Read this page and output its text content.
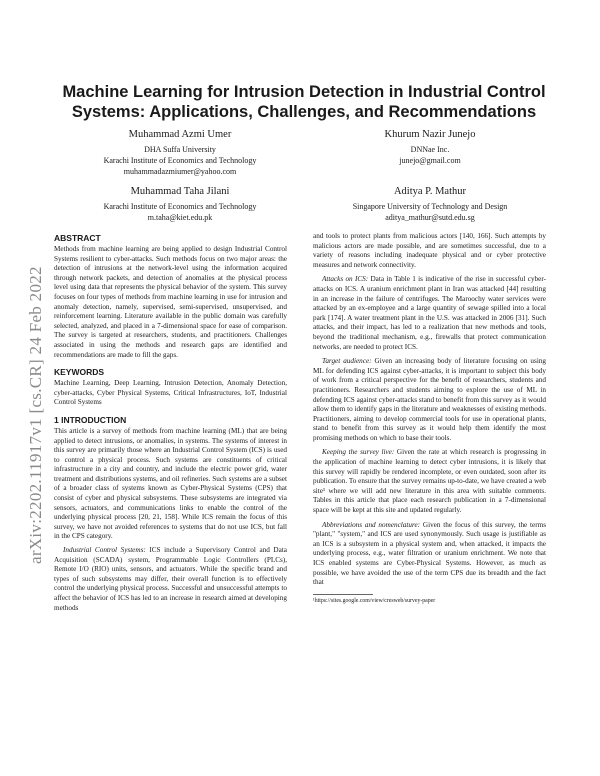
arXiv:2202.11917v1 [cs.CR] 24 Feb 2022
Machine Learning for Intrusion Detection in Industrial Control
Systems: Applications, Challenges, and Recommendations
Muhammad Azmi Umer
DHA Suffa University
Karachi Institute of Economics and Technology
muhammadazmiumer@yahoo.com
Khurum Nazir Junejo
DNNae Inc.
junejo@gmail.com
Muhammad Taha Jilani
Karachi Institute of Economics and Technology
m.taha@kiet.edu.pk
Aditya P. Mathur
Singapore University of Technology and Design
aditya_mathur@sutd.edu.sg
ABSTRACT

Methods from machine learning are being applied to design Industrial Control Systems resilient to cyber-attacks. Such methods focus on two major areas: the detection of intrusions at the network-level using the information acquired through network packets, and detection of anomalies at the physical process level using data that represents the physical behavior of the system. This survey focuses on four types of methods from machine learning in use for intrusion and anomaly detection, namely, supervised, semi-supervised, unsupervised, and reinforcement learning. Literature available in the public domain was carefully selected, analyzed, and placed in a 7-dimensional space for ease of comparison. The survey is targeted at researchers, students, and practitioners. Challenges associated in using the methods and research gaps are identified and recommendations are made to fill the gaps.

KEYWORDS

Machine Learning, Deep Learning, Intrusion Detection, Anomaly Detection, cyber-attacks, Cyber Physical Systems, Critical Infrastructures, IoT, Industrial Control Systems

1 INTRODUCTION

This article is a survey of methods from machine learning (ML) that are being applied to detect intrusions, or anomalies, in systems. The systems of interest in this survey are primarily those where an Industrial Control System (ICS) is used to control a physical process. Such systems are constituents of critical infrastructure in a city and country, and include the electric power grid, water treatment and distributions systems, and oil refineries. Such systems are a subset of a broader class of systems known as Cyber-Physical Systems (CPS) that consist of cyber and physical subsystems. These subsystems are integrated via sensors, actuators, and communications links to enable the control of the underlying physical process [20, 21, 158]. While ICS remain the focus of this survey, we have not avoided references to systems that do not use ICS, but fall in the CPS category.

Industrial Control Systems: ICS include a Supervisory Control and Data Acquisition (SCADA) system, Programmable Logic Controllers (PLCs), Remote I/O (RIO) units, sensors, and actuators. While the specific brand and types of such subsystems may differ, their overall function is to effectively control the underlying physical process. Successful and unsuccessful attempts to affect the behavior of ICS has led to an increase in research aimed at developing methods

and tools to protect plants from malicious actors [140, 166]. Such attempts by malicious actors are made possible, and are sometimes successful, due to a variety of reasons including inadequate physical and or cyber protective measures and network connectivity.

Attacks on ICS: Data in Table 1 is indicative of the rise in successful cyber-attacks on ICS. A uranium enrichment plant in Iran was attacked [44] resulting in an increase in the failure of centrifuges. The Maroochy water services were attacked by an ex-employee and a large quantity of sewage spilled into a local park [174]. A water treatment plant in the U.S. was attacked in 2006 [31]. Such attacks, and their impact, has led to a realization that new methods and tools, beyond the traditional mechanism, e.g., firewalls that protect communication networks, are needed to protect ICS.

Target audience: Given an increasing body of literature focusing on using ML for defending ICS against cyber-attacks, it is important to subject this body of work from a critical perspective for the benefit of researchers, students and practitioners. Researchers and students aiming to explore the use of ML in defending ICS against cyber-attacks stand to benefit from this survey as it would allow them to identify gaps in the literature and weaknesses of existing methods. Practitioners, aiming to develop commercial tools for use in operational plants, stand to benefit from this survey as it would help them identify the most promising methods on which to base their tools.

Keeping the survey live: Given the rate at which research is progressing in the application of machine learning to detect cyber intrusions, it is likely that this survey will rapidly be rendered incomplete, or even outdated, soon after its publication. To ensure that the survey remains up-to-date, we have created a web site¹ where we will add new literature in this area with suitable comments. Tables in this article that place each research publication in a 7-dimensional space will be kept at this site and updated regularly.

Abbreviations and nomenclature: Given the focus of this survey, the terms "plant," "system," and ICS are used synonymously. Such usage is justifiable as an ICS is a subsystem in a physical system and, when attacked, it impacts the underlying process, e.g., water filtration or uranium enrichment. We note that ICS enabled systems are Cyber-Physical Systems. However, as much as possible, we have avoided the use of the term CPS due its breadth and the fact that

¹https://sites.google.com/view/cresweb/survey-paper
